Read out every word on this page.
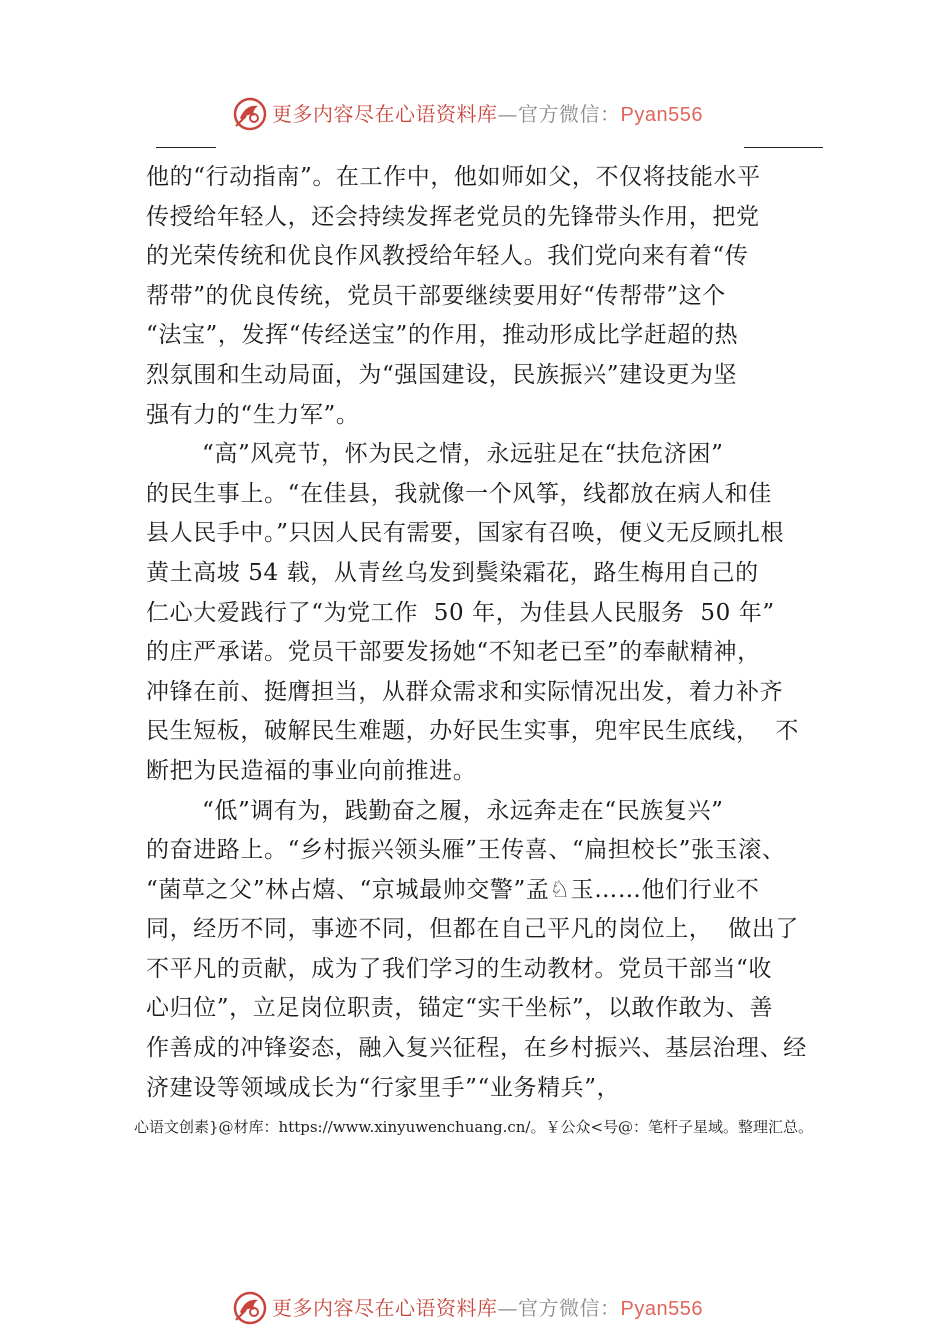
更多内容尽在心语资料库—官方微信：Pyan556
他的“行动指南”。在工作中，他如师如父，不仅将技能水平
传授给年轻人，还会持续发挥老党员的先锋带头作用，把党
的光荣传统和优良作风教授给年轻人。我们党向来有着“传
帮带”的优良传统，党员干部要继续要用好“传帮带”这个
“法宝”，发挥“传经送宝”的作用，推动形成比学赶超的热
烈氛围和生动局面，为“强国建设，民族振兴”建设更为坚
强有力的“生力军”。
“高”风亮节，怀为民之情，永远驻足在“扶危济困”
的民生事上。“在佳县，我就像一个风筝，线都放在病人和佳
县人民手中。”只因人民有需要，国家有召唤，便义无反顾扎根
黄土高坡 54 载，从青丝乌发到鬓染霜花，路生梅用自己的
仁心大爱践行了“为党工作  50 年，为佳县人民服务  50 年”
的庄严承诺。党员干部要发扬她“不知老已至”的奉献精神，
冲锋在前、挺膺担当，从群众需求和实际情况出发，着力补齐
民生短板，破解民生难题，办好民生实事，兜牢民生底线，  不
断把为民造福的事业向前推进。
“低”调有为，践勤奋之履，永远奔走在“民族复兴”
的奋进路上。“乡村振兴领头雁”王传喜、“扁担校长”张玉滚、
“菌草之父”林占熺、“京城最帅交警”孟♘玉……他们行业不
同，经历不同，事迹不同，但都在自己平凡的岗位上，  做出了
不平凡的贡献，成为了我们学习的生动教材。党员干部当“收
心归位”，立足岗位职责，锚定“实干坐标”，以敢作敢为、善
作善成的冲锋姿态，融入复兴征程，在乡村振兴、基层治理、经
济建设等领域成长为“行家里手”“业务精兵”，
心语文创素}@材库：https://www.xinyuwenchuang.cn/。￥公众<号@：笔杆子星域。整理汇总。
更多内容尽在心语资料库—官方微信：Pyan556
